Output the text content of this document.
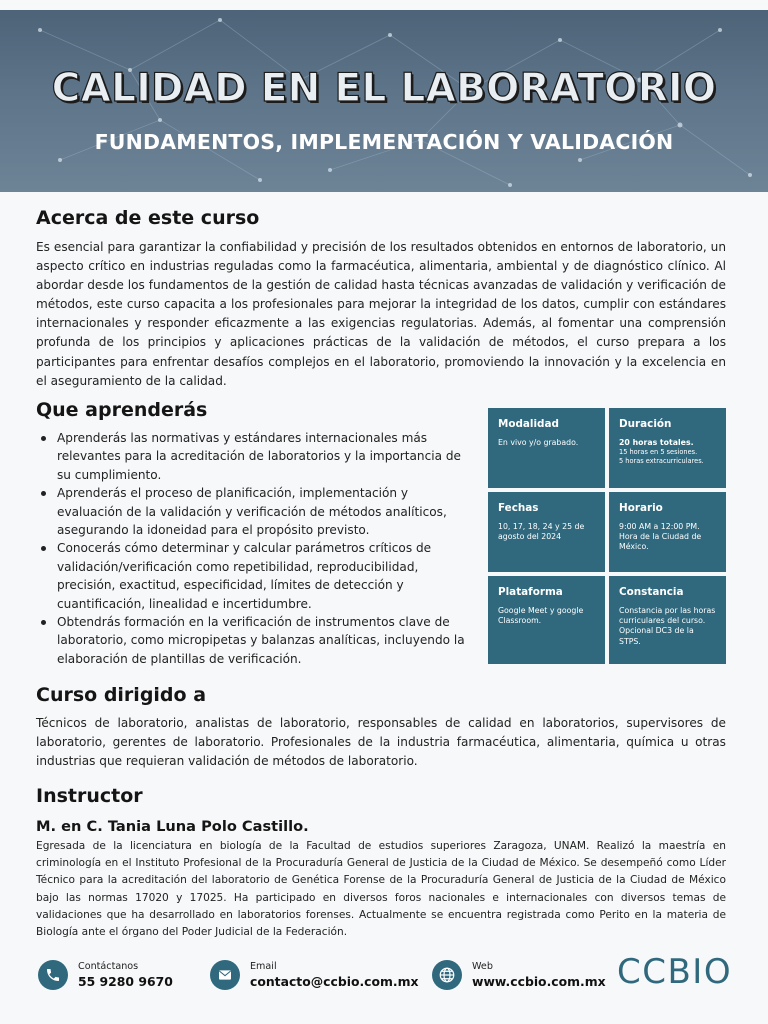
CALIDAD EN EL LABORATORIO
FUNDAMENTOS, IMPLEMENTACIÓN Y VALIDACIÓN
Acerca de este curso
Es esencial para garantizar la confiabilidad y precisión de los resultados obtenidos en entornos de laboratorio, un aspecto crítico en industrias reguladas como la farmacéutica, alimentaria, ambiental y de diagnóstico clínico. Al abordar desde los fundamentos de la gestión de calidad hasta técnicas avanzadas de validación y verificación de métodos, este curso capacita a los profesionales para mejorar la integridad de los datos, cumplir con estándares internacionales y responder eficazmente a las exigencias regulatorias. Además, al fomentar una comprensión profunda de los principios y aplicaciones prácticas de la validación de métodos, el curso prepara a los participantes para enfrentar desafíos complejos en el laboratorio, promoviendo la innovación y la excelencia en el aseguramiento de la calidad.
Que aprenderás
Aprenderás las normativas y estándares internacionales más relevantes para la acreditación de laboratorios y la importancia de su cumplimiento.
Aprenderás el proceso de planificación, implementación y evaluación de la validación y verificación de métodos analíticos, asegurando la idoneidad para el propósito previsto.
Conocerás cómo determinar y calcular parámetros críticos de validación/verificación como repetibilidad, reproducibilidad, precisión, exactitud, especificidad, límites de detección y cuantificación, linealidad e incertidumbre.
Obtendrás formación en la verificación de instrumentos clave de laboratorio, como micropipetas y balanzas analíticas, incluyendo la elaboración de plantillas de verificación.
Modalidad
En vivo y/o grabado.
Duración
20 horas totales.
15 horas en 5 sesiones.
5 horas extracurriculares.
Fechas
10, 17, 18, 24 y 25 de agosto del 2024
Horario
9:00 AM a 12:00 PM.
Hora de la Ciudad de México.
Plataforma
Google Meet y google Classroom.
Constancia
Constancia por las horas curriculares del curso.
Opcional DC3 de la STPS.
Curso dirigido a
Técnicos de laboratorio, analistas de laboratorio, responsables de calidad en laboratorios, supervisores de laboratorio, gerentes de laboratorio. Profesionales de la industria farmacéutica, alimentaria, química u otras industrias que requieran validación de métodos de laboratorio.
Instructor
M. en C. Tania Luna Polo Castillo.
Egresada de la licenciatura en biología de la Facultad de estudios superiores Zaragoza, UNAM. Realizó la maestría en criminología en el Instituto Profesional de la Procuraduría General de Justicia de la Ciudad de México. Se desempeñó como Líder Técnico para la acreditación del laboratorio de Genética Forense de la Procuraduría General de Justicia de la Ciudad de México bajo las normas 17020 y 17025. Ha participado en diversos foros nacionales e internacionales con diversos temas de validaciones que ha desarrollado en laboratorios forenses. Actualmente se encuentra registrada como Perito en la materia de Biología ante el órgano del Poder Judicial de la Federación.
Contáctanos
55 9280 9670
Email
contacto@ccbio.com.mx
Web
www.ccbio.com.mx CCBIO
